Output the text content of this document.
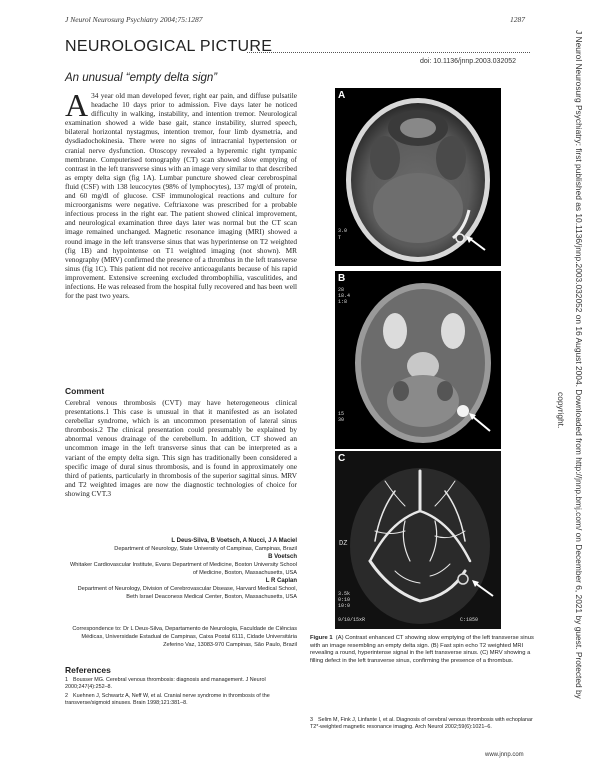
J Neurol Neurosurg Psychiatry 2004;75:1287	1287
NEUROLOGICAL PICTURE
doi: 10.1136/jnnp.2003.032052
An unusual “empty delta sign”
A 34 year old man developed fever, right ear pain, and diffuse pulsatile headache 10 days prior to admission. Five days later he noticed difficulty in walking, instability, and intention tremor. Neurological examination showed a wide base gait, stance instability, slurred speech, bilateral horizontal nystagmus, intention tremor, four limb dysmetria, and dysdiadochokinesia. There were no signs of intracranial hypertension or cranial nerve dysfunction. Otoscopy revealed a hyperemic right tympanic membrane. Computerised tomography (CT) scan showed slow emptying of contrast in the left transverse sinus with an image very similar to that described as empty delta sign (fig 1A). Lumbar puncture showed clear cerebrospinal fluid (CSF) with 138 leucocytes (98% of lymphocytes), 137 mg/dl of protein, and 60 mg/dl of glucose. CSF immunological reactions and culture for microorganisms were negative. Ceftriaxone was prescribed for a probable infectious process in the right ear. The patient showed clinical improvement, and neurological examination three days later was normal but the CT scan image remained unchanged. Magnetic resonance imaging (MRI) showed a round image in the left transverse sinus that was hyperintense on T2 weighted (fig 1B) and hypointense on T1 weighted imaging (not shown). MR venography (MRV) confirmed the presence of a thrombus in the left transverse sinus (fig 1C). This patient did not receive anticoagulants because of his rapid improvement. Extensive screening excluded thrombophilia, vasculitides, and infections. He was released from the hospital fully recovered and has been well for the past two years.
Comment
Cerebral venous thrombosis (CVT) may have heterogeneous clinical presentations.1 This case is unusual in that it manifested as an isolated cerebellar syndrome, which is an uncommon presentation of lateral sinus thrombosis.2 The clinical presentation could presumably be explained by abnormal venous drainage of the cerebellum. In addition, CT showed an uncommon image in the left transverse sinus that can be interpreted as a variant of the empty delta sign. This sign has traditionally been considered a specific image of dural sinus thrombosis, and is found in approximately one third of patients, particularly in thrombosis of the superior sagittal sinus. MRV and T2 weighted images are now the diagnostic technologies of choice for showing CVT.3
L Deus-Silva, B Voetsch, A Nucci, J A Maciel
Department of Neurology, State University of Campinas, Campinas, Brazil
B Voetsch
Whitaker Cardiovascular Institute, Evans Department of Medicine, Boston University School of Medicine, Boston, Massachusetts, USA
L R Caplan
Department of Neurology, Division of Cerebrovascular Disease, Harvard Medical School, Beth Israel Deaconess Medical Center, Boston, Massachusetts, USA
Correspondence to: Dr L Deus-Silva, Departamento de Neurologia, Faculdade de Ciências Médicas, Universidade Estadual de Campinas, Caixa Postal 6111, Cidade Universitária Zeferino Vaz, 13083-970 Campinas, São Paulo, Brazil
References
1 Bousser MG. Cerebral venous thrombosis: diagnosis and management. J Neurol 2000;247(4):252–8.
2 Kuehnen J, Schwartz A, Neff W, et al. Cranial nerve syndrome in thrombosis of the transverse/sigmoid sinuses. Brain 1998;121:381–8.
3 Selim M, Fink J, Linfante I, et al. Diagnosis of cerebral venous thrombosis with echoplanar T2*-weighted magnetic resonance imaging. Arch Neurol 2002;59(6):1021–6.
A
3.0
T
B
28
18.4
1:8
15
30
DZ
C
3.5k
0:10
10:0
9/10/15xR	C:1850
Figure 1 (A) Contrast enhanced CT showing slow emptying of the left transverse sinus with an image resembling an empty delta sign. (B) Fast spin echo T2 weighted MRI revealing a round, hyperintense signal in the left transverse sinus. (C) MRV showing a filling defect in the left transverse sinus, confirming the presence of a thrombus.	J Neurol Neurosurg Psychiatry: first published as 10.1136/jnnp.2003.032052 on 16 August 2004. Downloaded from http://jnnp.bmj.com/ on December 6, 2021 by guest. Protected by
copyright.
www.jnnp.com
